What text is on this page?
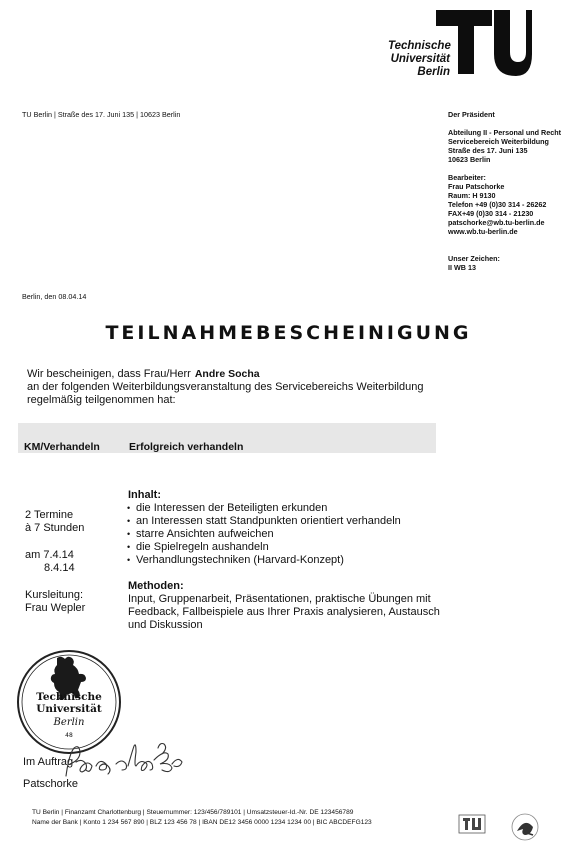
Technische
Universität
Berlin
berlin
TU Berlin | Straße des 17. Juni 135 | 10623 Berlin	Der Präsident
Abteilung II - Personal und Recht
Servicebereich Weiterbildung
Straße des 17. Juni 135
10623 Berlin
Bearbeiter:
Frau Patschorke
Raum: H 9130
Telefon +49 (0)30 314 - 26262
FAX+49 (0)30 314 - 21230
patschorke@wb.tu-berlin.de
www.wb.tu-berlin.de
Unser Zeichen:
II WB 13
Berlin, den 08.04.14
TEILNAHMEBESCHEINIGUNG
Wir bescheinigen, dass Frau/Herr Andre Socha
an der folgenden Weiterbildungsveranstaltung des Servicebereichs Weiterbildung
regelmäßig teilgenommen hat:
KM/Verhandeln	Erfolgreich verhandeln
2 Termine
à 7 Stunden
am 7.4.14
8.4.14
Kursleitung:
Frau Wepler
Inhalt:
• die Interessen der Beteiligten erkunden
• an Interessen statt Standpunkten orientiert verhandeln
• starre Ansichten aufweichen
• die Spielregeln aushandeln
• Verhandlungstechniken (Harvard-Konzept)
Methoden:
Input, Gruppenarbeit, Präsentationen, praktische Übungen mit Feedback, Fallbeispiele aus Ihrer Praxis analysieren, Austausch und Diskussion
Technische
Universität
Berlin
48
Im Auftrag
Patschorke
TU Berlin | Finanzamt Charlottenburg | Steuernummer: 123/456/789101 | Umsatzsteuer-Id.-Nr. DE 123456789
Name der Bank | Konto 1 234 567 890 | BLZ 123 456 78 | IBAN DE12 3456 0000 1234 1234 00 | BIC ABCDEFG123
